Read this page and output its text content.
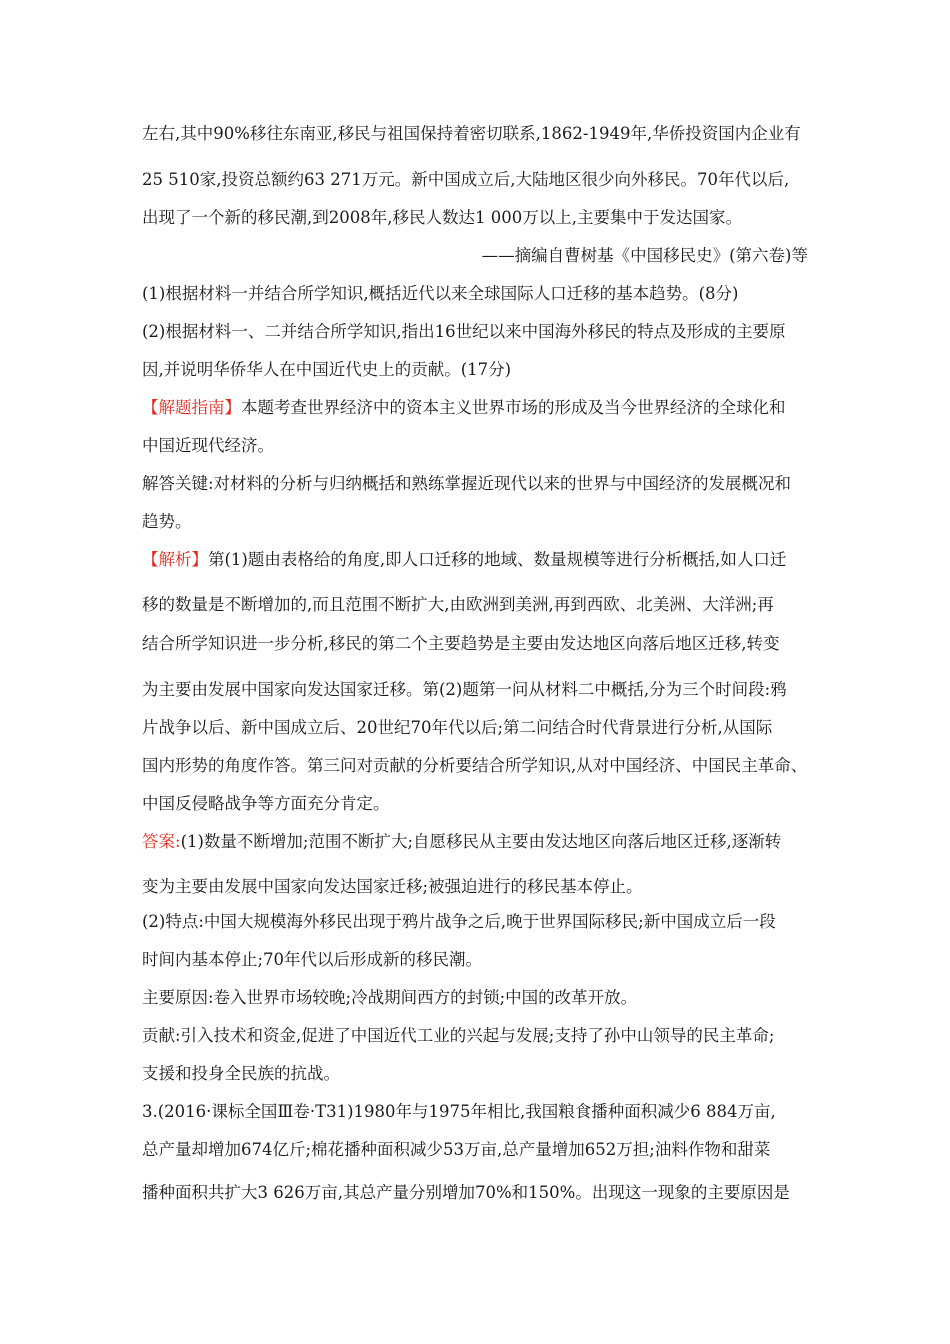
左右,其中90%移往东南亚,移民与祖国保持着密切联系,1862-1949年,华侨投资国内企业有
25 510家,投资总额约63 271万元。新中国成立后,大陆地区很少向外移民。70年代以后,
出现了一个新的移民潮,到2008年,移民人数达1 000万以上,主要集中于发达国家。
——摘编自曹树基《中国移民史》(第六卷)等
(1)根据材料一并结合所学知识,概括近代以来全球国际人口迁移的基本趋势。(8分)
(2)根据材料一、二并结合所学知识,指出16世纪以来中国海外移民的特点及形成的主要原
因,并说明华侨华人在中国近代史上的贡献。(17分)
【解题指南】本题考查世界经济中的资本主义世界市场的形成及当今世界经济的全球化和
中国近现代经济。
解答关键:对材料的分析与归纳概括和熟练掌握近现代以来的世界与中国经济的发展概况和
趋势。
【解析】第(1)题由表格给的角度,即人口迁移的地域、数量规模等进行分析概括,如人口迁
移的数量是不断增加的,而且范围不断扩大,由欧洲到美洲,再到西欧、北美洲、大洋洲;再
结合所学知识进一步分析,移民的第二个主要趋势是主要由发达地区向落后地区迁移,转变
为主要由发展中国家向发达国家迁移。第(2)题第一问从材料二中概括,分为三个时间段:鸦
片战争以后、新中国成立后、20世纪70年代以后;第二问结合时代背景进行分析,从国际
国内形势的角度作答。第三问对贡献的分析要结合所学知识,从对中国经济、中国民主革命、
中国反侵略战争等方面充分肯定。
答案:(1)数量不断增加;范围不断扩大;自愿移民从主要由发达地区向落后地区迁移,逐渐转
变为主要由发展中国家向发达国家迁移;被强迫进行的移民基本停止。
(2)特点:中国大规模海外移民出现于鸦片战争之后,晚于世界国际移民;新中国成立后一段
时间内基本停止;70年代以后形成新的移民潮。
主要原因:卷入世界市场较晚;冷战期间西方的封锁;中国的改革开放。
贡献:引入技术和资金,促进了中国近代工业的兴起与发展;支持了孙中山领导的民主革命;
支援和投身全民族的抗战。
3.(2016·课标全国Ⅲ卷·T31)1980年与1975年相比,我国粮食播种面积减少6 884万亩,
总产量却增加674亿斤;棉花播种面积减少53万亩,总产量增加652万担;油料作物和甜菜
播种面积共扩大3 626万亩,其总产量分别增加70%和150%。出现这一现象的主要原因是
